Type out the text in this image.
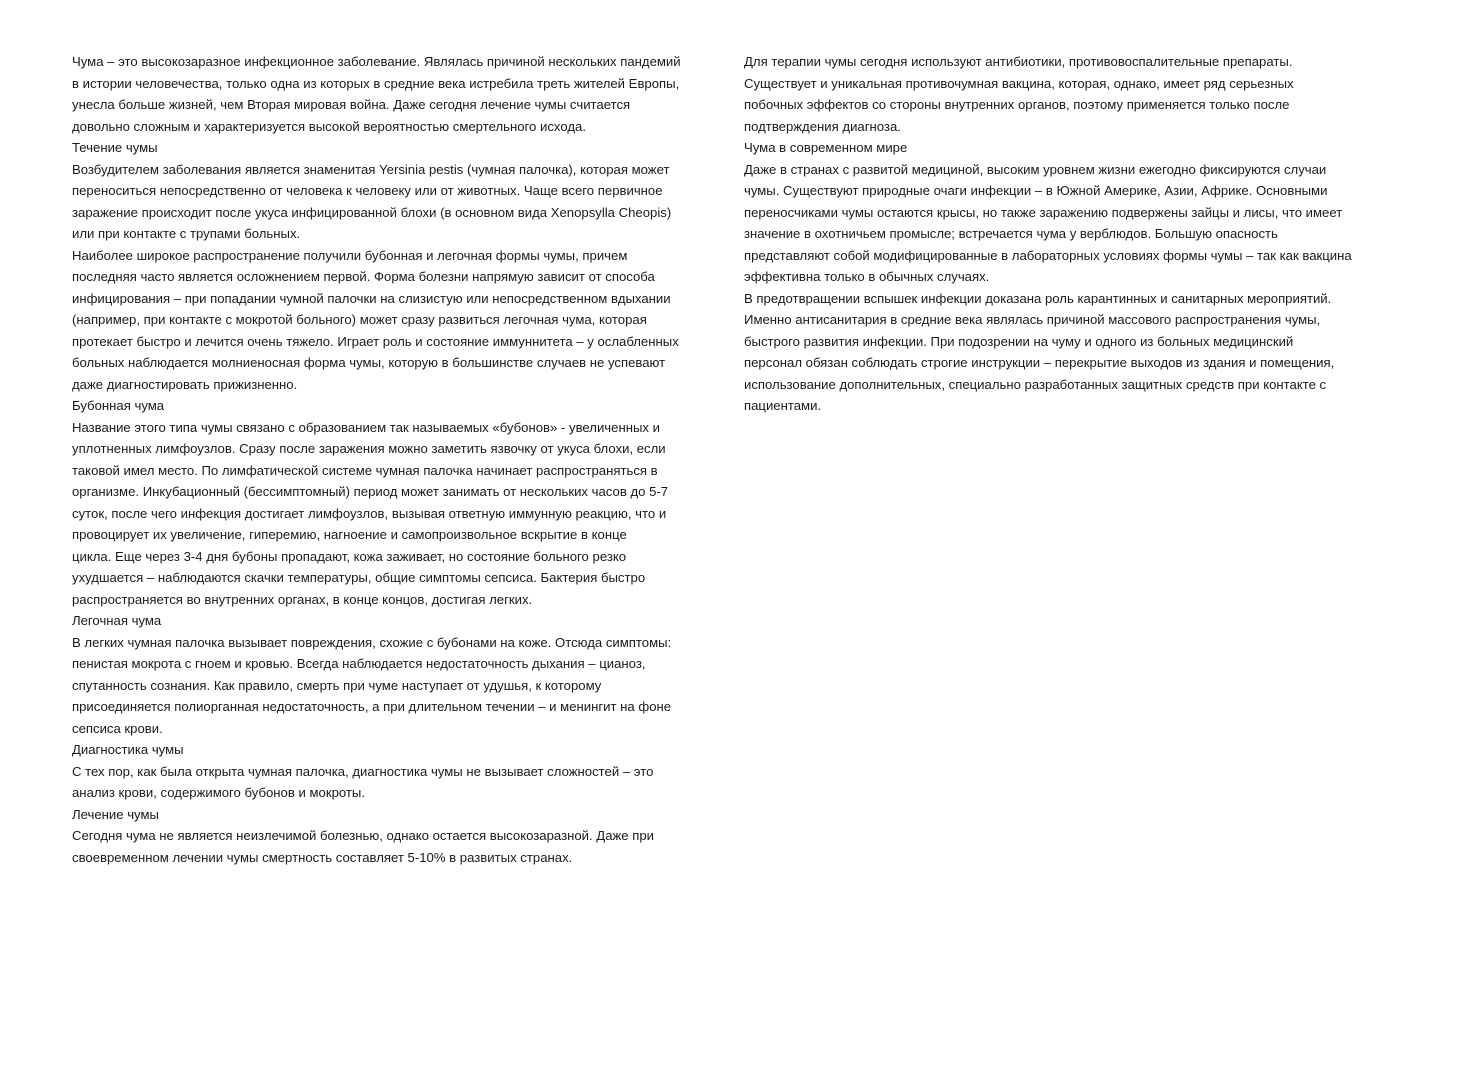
Чума – это высокозаразное инфекционное заболевание. Являлась причиной нескольких пандемий
в истории человечества, только одна из которых в средние века истребила треть жителей Европы,
унесла больше жизней, чем Вторая мировая война. Даже сегодня лечение чумы считается
довольно сложным и характеризуется высокой вероятностью смертельного исхода.
Течение чумы
Возбудителем заболевания является знаменитая Yersinia pestis (чумная палочка), которая может
переноситься непосредственно от человека к человеку или от животных. Чаще всего первичное
заражение происходит после укуса инфицированной блохи (в основном вида Xenopsylla Cheopis)
или при контакте с трупами больных.
Наиболее широкое распространение получили бубонная и легочная формы чумы, причем
последняя часто является осложнением первой. Форма болезни напрямую зависит от способа
инфицирования – при попадании чумной палочки на слизистую или непосредственном вдыхании
(например, при контакте с мокротой больного) может сразу развиться легочная чума, которая
протекает быстро и лечится очень тяжело. Играет роль и состояние иммуннитета – у ослабленных
больных наблюдается молниеносная форма чумы, которую в большинстве случаев не успевают
даже диагностировать прижизненно.
Бубонная чума
Название этого типа чумы связано с образованием так называемых «бубонов» - увеличенных и
уплотненных лимфоузлов. Сразу после заражения можно заметить язвочку от укуса блохи, если
таковой имел место. По лимфатической системе чумная палочка начинает распространяться в
организме. Инкубационный (бессимптомный) период может занимать от нескольких часов до 5-7
суток, после чего инфекция достигает лимфоузлов, вызывая ответную иммунную реакцию, что и
провоцирует их увеличение, гиперемию, нагноение и самопроизвольное вскрытие в конце
цикла. Еще через 3-4 дня бубоны пропадают, кожа заживает, но состояние больного резко
ухудшается – наблюдаются скачки температуры, общие симптомы сепсиса. Бактерия быстро
распространяется во внутренних органах, в конце концов, достигая легких.
Легочная чума
В легких чумная палочка вызывает повреждения, схожие с бубонами на коже. Отсюда симптомы:
пенистая мокрота с гноем и кровью. Всегда наблюдается недостаточность дыхания – цианоз,
спутанность сознания. Как правило, смерть при чуме наступает от удушья, к которому
присоединяется полиорганная недостаточность, а при длительном течении – и менингит на фоне
сепсиса крови.
Диагностика чумы
С тех пор, как была открыта чумная палочка, диагностика чумы не вызывает сложностей – это
анализ крови, содержимого бубонов и мокроты.
Лечение чумы
Сегодня чума не является неизлечимой болезнью, однако остается высокозаразной. Даже при
своевременном лечении чумы смертность составляет 5-10% в развитых странах.
Для терапии чумы сегодня используют антибиотики, противовоспалительные препараты.
Существует и уникальная противочумная вакцина, которая, однако, имеет ряд серьезных
побочных эффектов со стороны внутренних органов, поэтому применяется только после
подтверждения диагноза.
Чума в современном мире
Даже в странах с развитой медициной, высоким уровнем жизни ежегодно фиксируются случаи
чумы. Существуют природные очаги инфекции – в Южной Америке, Азии, Африке. Основными
переносчиками чумы остаются крысы, но также заражению подвержены зайцы и лисы, что имеет
значение в охотничьем промысле; встречается чума у верблюдов. Большую опасность
представляют собой модифицированные в лабораторных условиях формы чумы – так как вакцина
эффективна только в обычных случаях.
В предотвращении вспышек инфекции доказана роль карантинных и санитарных мероприятий.
Именно антисанитария в средние века являлась причиной массового распространения чумы,
быстрого развития инфекции. При подозрении на чуму и одного из больных медицинский
персонал обязан соблюдать строгие инструкции – перекрытие выходов из здания и помещения,
использование дополнительных, специально разработанных защитных средств при контакте с
пациентами.
